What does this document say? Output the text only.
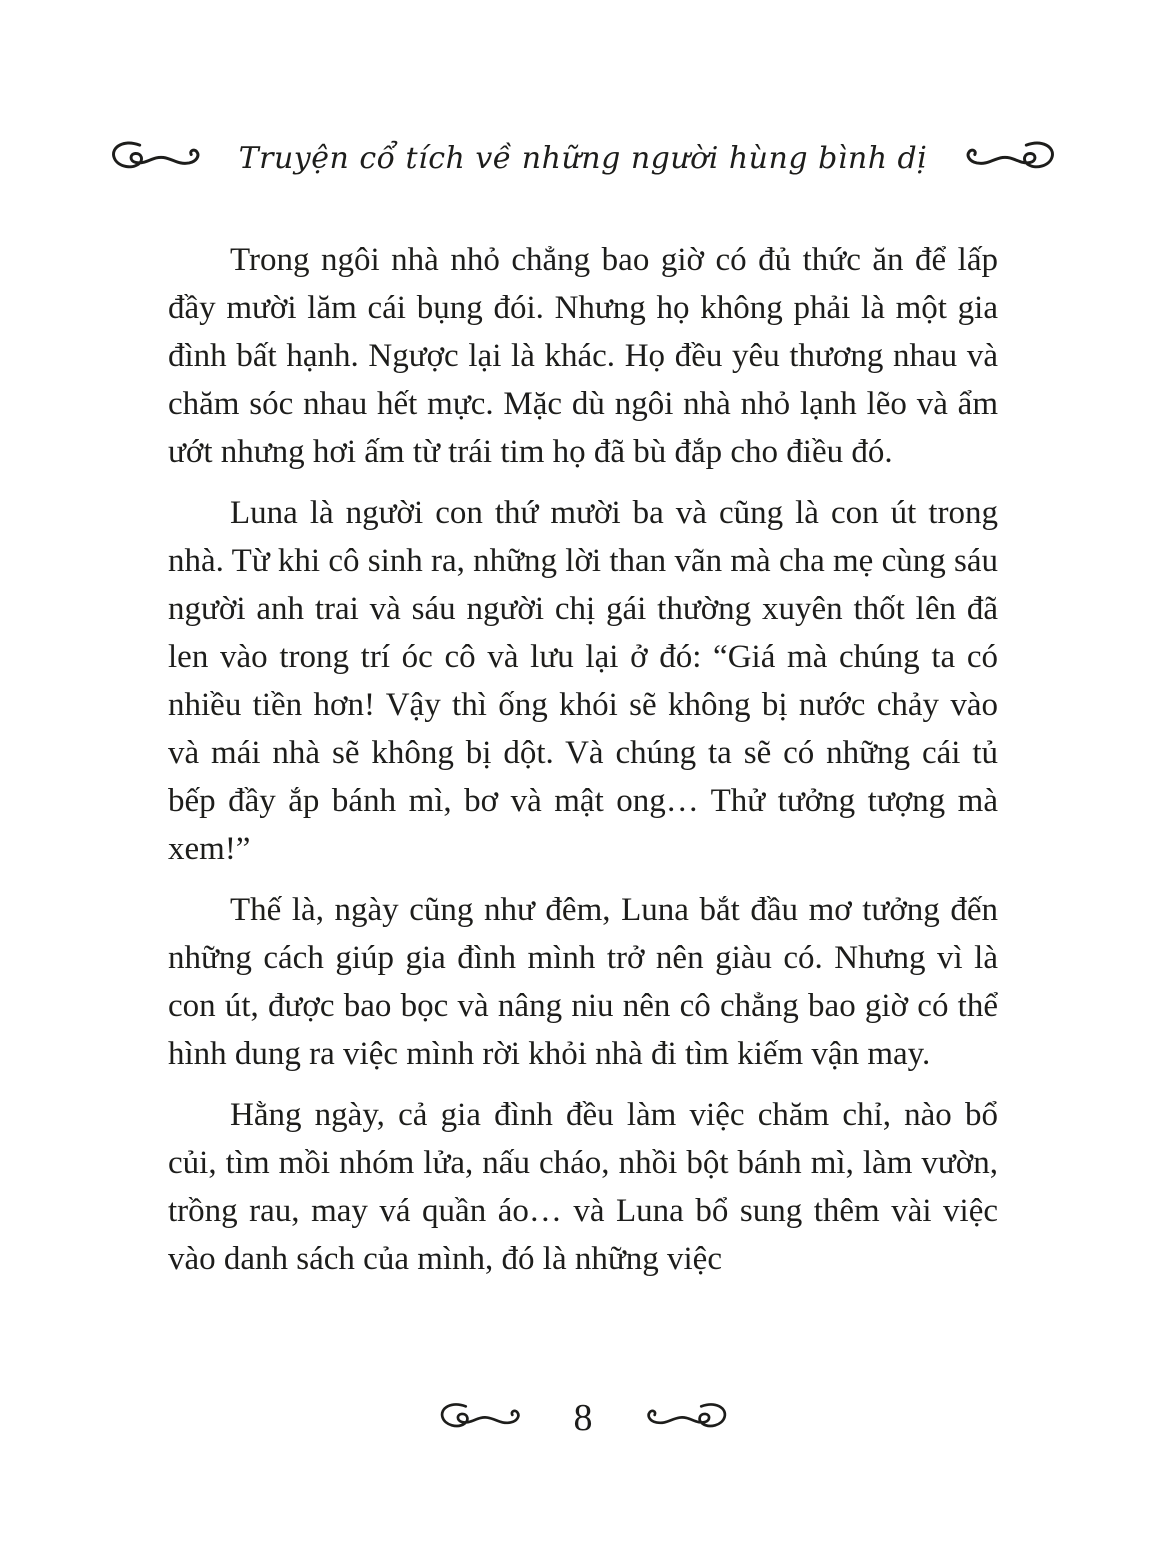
Truyện cổ tích về những người hùng bình dị

Trong ngôi nhà nhỏ chẳng bao giờ có đủ thức ăn để lấp đầy mười lăm cái bụng đói. Nhưng họ không phải là một gia đình bất hạnh. Ngược lại là khác. Họ đều yêu thương nhau và chăm sóc nhau hết mực. Mặc dù ngôi nhà nhỏ lạnh lẽo và ẩm ướt nhưng hơi ấm từ trái tim họ đã bù đắp cho điều đó.

Luna là người con thứ mười ba và cũng là con út trong nhà. Từ khi cô sinh ra, những lời than vãn mà cha mẹ cùng sáu người anh trai và sáu người chị gái thường xuyên thốt lên đã len vào trong trí óc cô và lưu lại ở đó: “Giá mà chúng ta có nhiều tiền hơn! Vậy thì ống khói sẽ không bị nước chảy vào và mái nhà sẽ không bị dột. Và chúng ta sẽ có những cái tủ bếp đầy ắp bánh mì, bơ và mật ong… Thử tưởng tượng mà xem!”

Thế là, ngày cũng như đêm, Luna bắt đầu mơ tưởng đến những cách giúp gia đình mình trở nên giàu có. Nhưng vì là con út, được bao bọc và nâng niu nên cô chẳng bao giờ có thể hình dung ra việc mình rời khỏi nhà đi tìm kiếm vận may.

Hằng ngày, cả gia đình đều làm việc chăm chỉ, nào bổ củi, tìm mồi nhóm lửa, nấu cháo, nhồi bột bánh mì, làm vườn, trồng rau, may vá quần áo… và Luna bổ sung thêm vài việc vào danh sách của mình, đó là những việc

8
